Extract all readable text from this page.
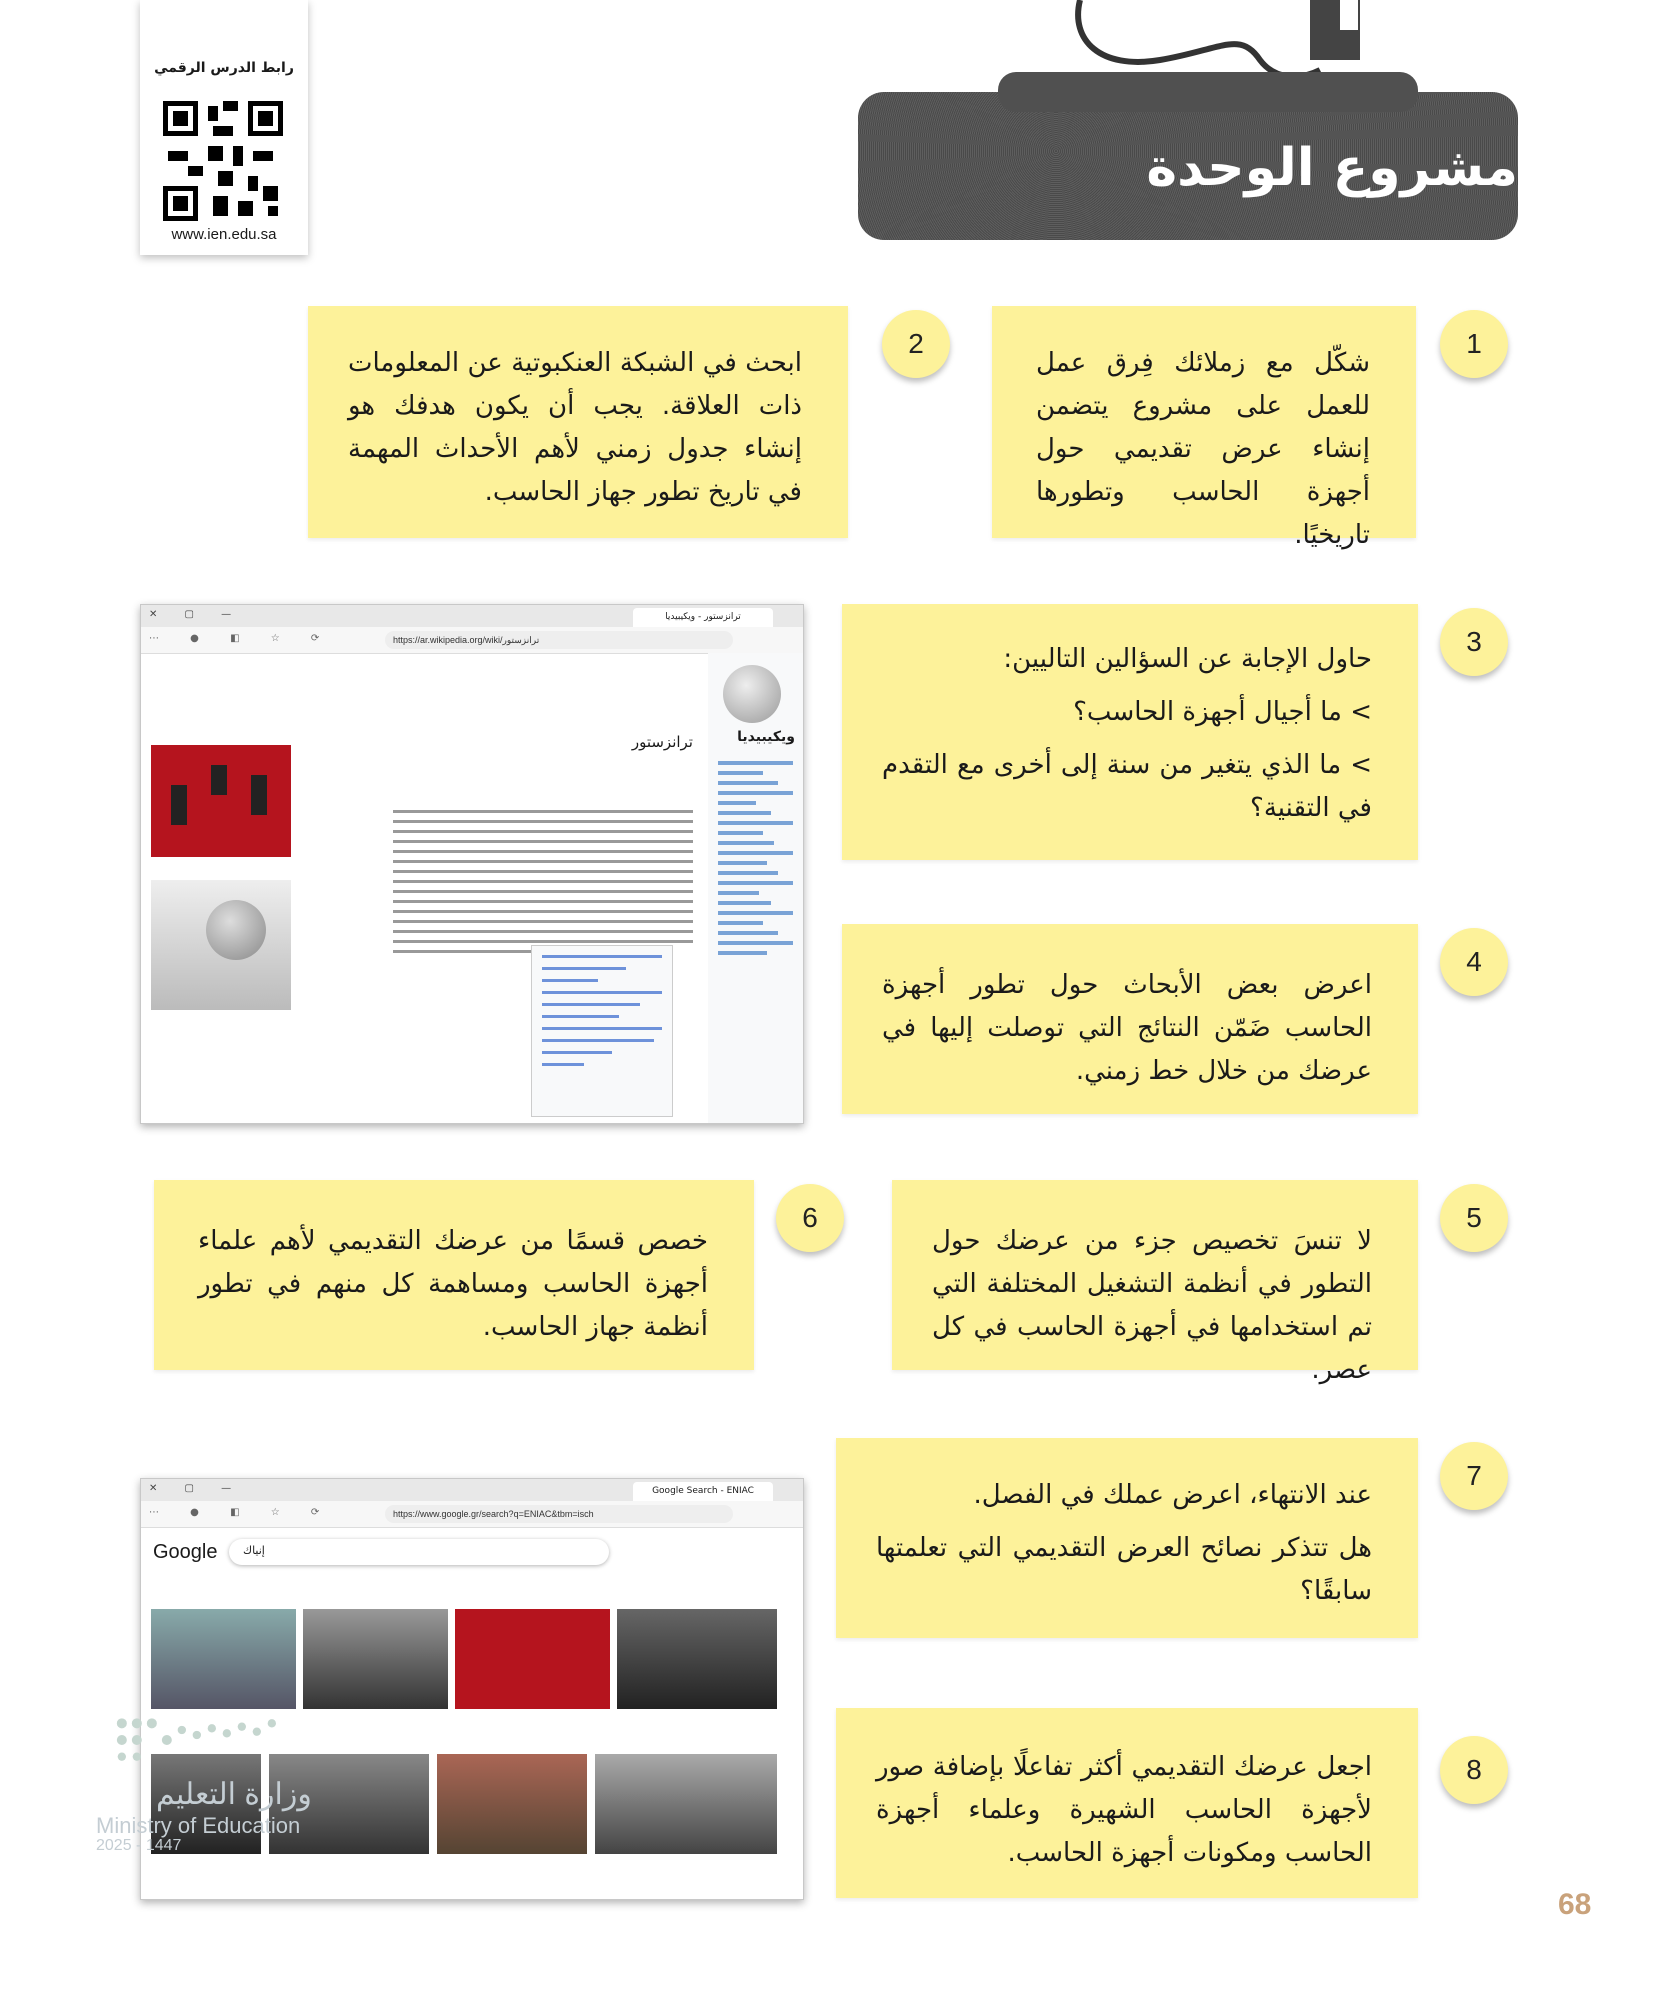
مشروع الوحدة
رابط الدرس الرقمي
www.ien.edu.sa

شكّل مع زملائك فِرق عمل للعمل على مشروع يتضمن إنشاء عرض تقديمي حول أجهزة الحاسب وتطورها تاريخيًا.

1

ابحث في الشبكة العنكبوتية عن المعلومات ذات العلاقة. يجب أن يكون هدفك هو إنشاء جدول زمني لأهم الأحداث المهمة في تاريخ تطور جهاز الحاسب.

2

حاول الإجابة عن السؤالين التاليين:

> ما أجيال أجهزة الحاسب؟

> ما الذي يتغير من سنة إلى أخرى مع التقدم في التقنية؟

3

اعرض بعض الأبحاث حول تطور أجهزة الحاسب ضَمّن النتائج التي توصلت إليها في عرضك من خلال خط زمني.

4

لا تنسَ تخصيص جزء من عرضك حول التطور في أنظمة التشغيل المختلفة التي تم استخدامها في أجهزة الحاسب في كل عصر.

5

خصص قسمًا من عرضك التقديمي لأهم علماء أجهزة الحاسب ومساهمة كل منهم في تطور أنظمة جهاز الحاسب.

6

عند الانتهاء، اعرض عملك في الفصل.

هل تتذكر نصائح العرض التقديمي التي تعلمتها سابقًا؟

7

اجعل عرضك التقديمي أكثر تفاعلًا بإضافة صور لأجهزة الحاسب الشهيرة وعلماء أجهزة الحاسب ومكونات أجهزة الحاسب.

8
✕ ▢ —	ترانزستور - ويكيبيديا
⋯ ● ◧ ☆ ⟳	https://ar.wikipedia.org/wiki/ترانزستور
ويكيبيديا
ترانزستور
✕ ▢ —	Google Search - ENIAC
⋯ ● ◧ ☆ ⟳	https://www.google.gr/search?q=ENIAC&tbm=isch
Google إنياك
وزارة التعليم
Ministry of Education
2025 - 1447
68
